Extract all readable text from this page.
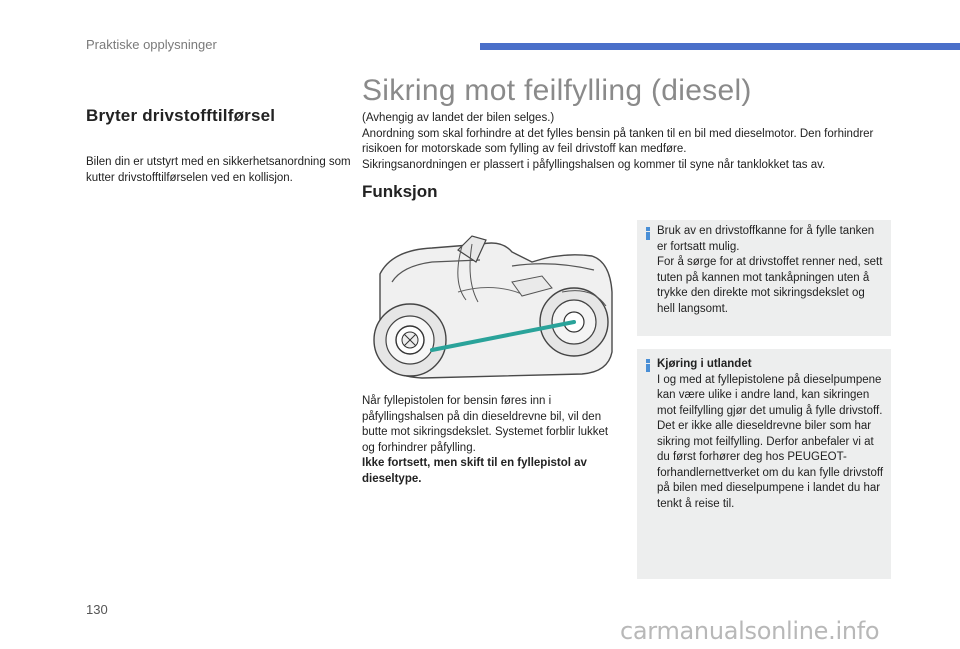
Praktiske opplysninger
Bryter drivstofftilførsel
Bilen din er utstyrt med en sikkerhetsanordning som kutter drivstofftilførselen ved en kollisjon.
Sikring mot feilfylling (diesel)

(Avhengig av landet der bilen selges.)

Anordning som skal forhindre at det fylles bensin på tanken til en bil med dieselmotor. Den forhindrer risikoen for motorskade som fylling av feil drivstoff kan medføre.

Sikringsanordningen er plassert i påfyllingshalsen og kommer til syne når tanklokket tas av.

Funksjon

Når fyllepistolen for bensin føres inn i påfyllingshalsen på din dieseldrevne bil, vil den butte mot sikringsdekslet. Systemet forblir lukket og forhindrer påfylling.

Ikke fortsett, men skift til en fyllepistol av dieseltype.

Bruk av en drivstoffkanne for å fylle tanken er fortsatt mulig.

For å sørge for at drivstoffet renner ned, sett tuten på kannen mot tankåpningen uten å trykke den direkte mot sikringsdekslet og hell langsomt.

Kjøring i utlandet

I og med at fyllepistolene på dieselpumpene kan være ulike i andre land, kan sikringen mot feilfylling gjør det umulig å fylle drivstoff.

Det er ikke alle dieseldrevne biler som har sikring mot feilfylling. Derfor anbefaler vi at du først forhører deg hos PEUGEOT-forhandlernettverket om du kan fylle drivstoff på bilen med dieselpumpene i landet du har tenkt å reise til.

130
carmanualsonline.info
